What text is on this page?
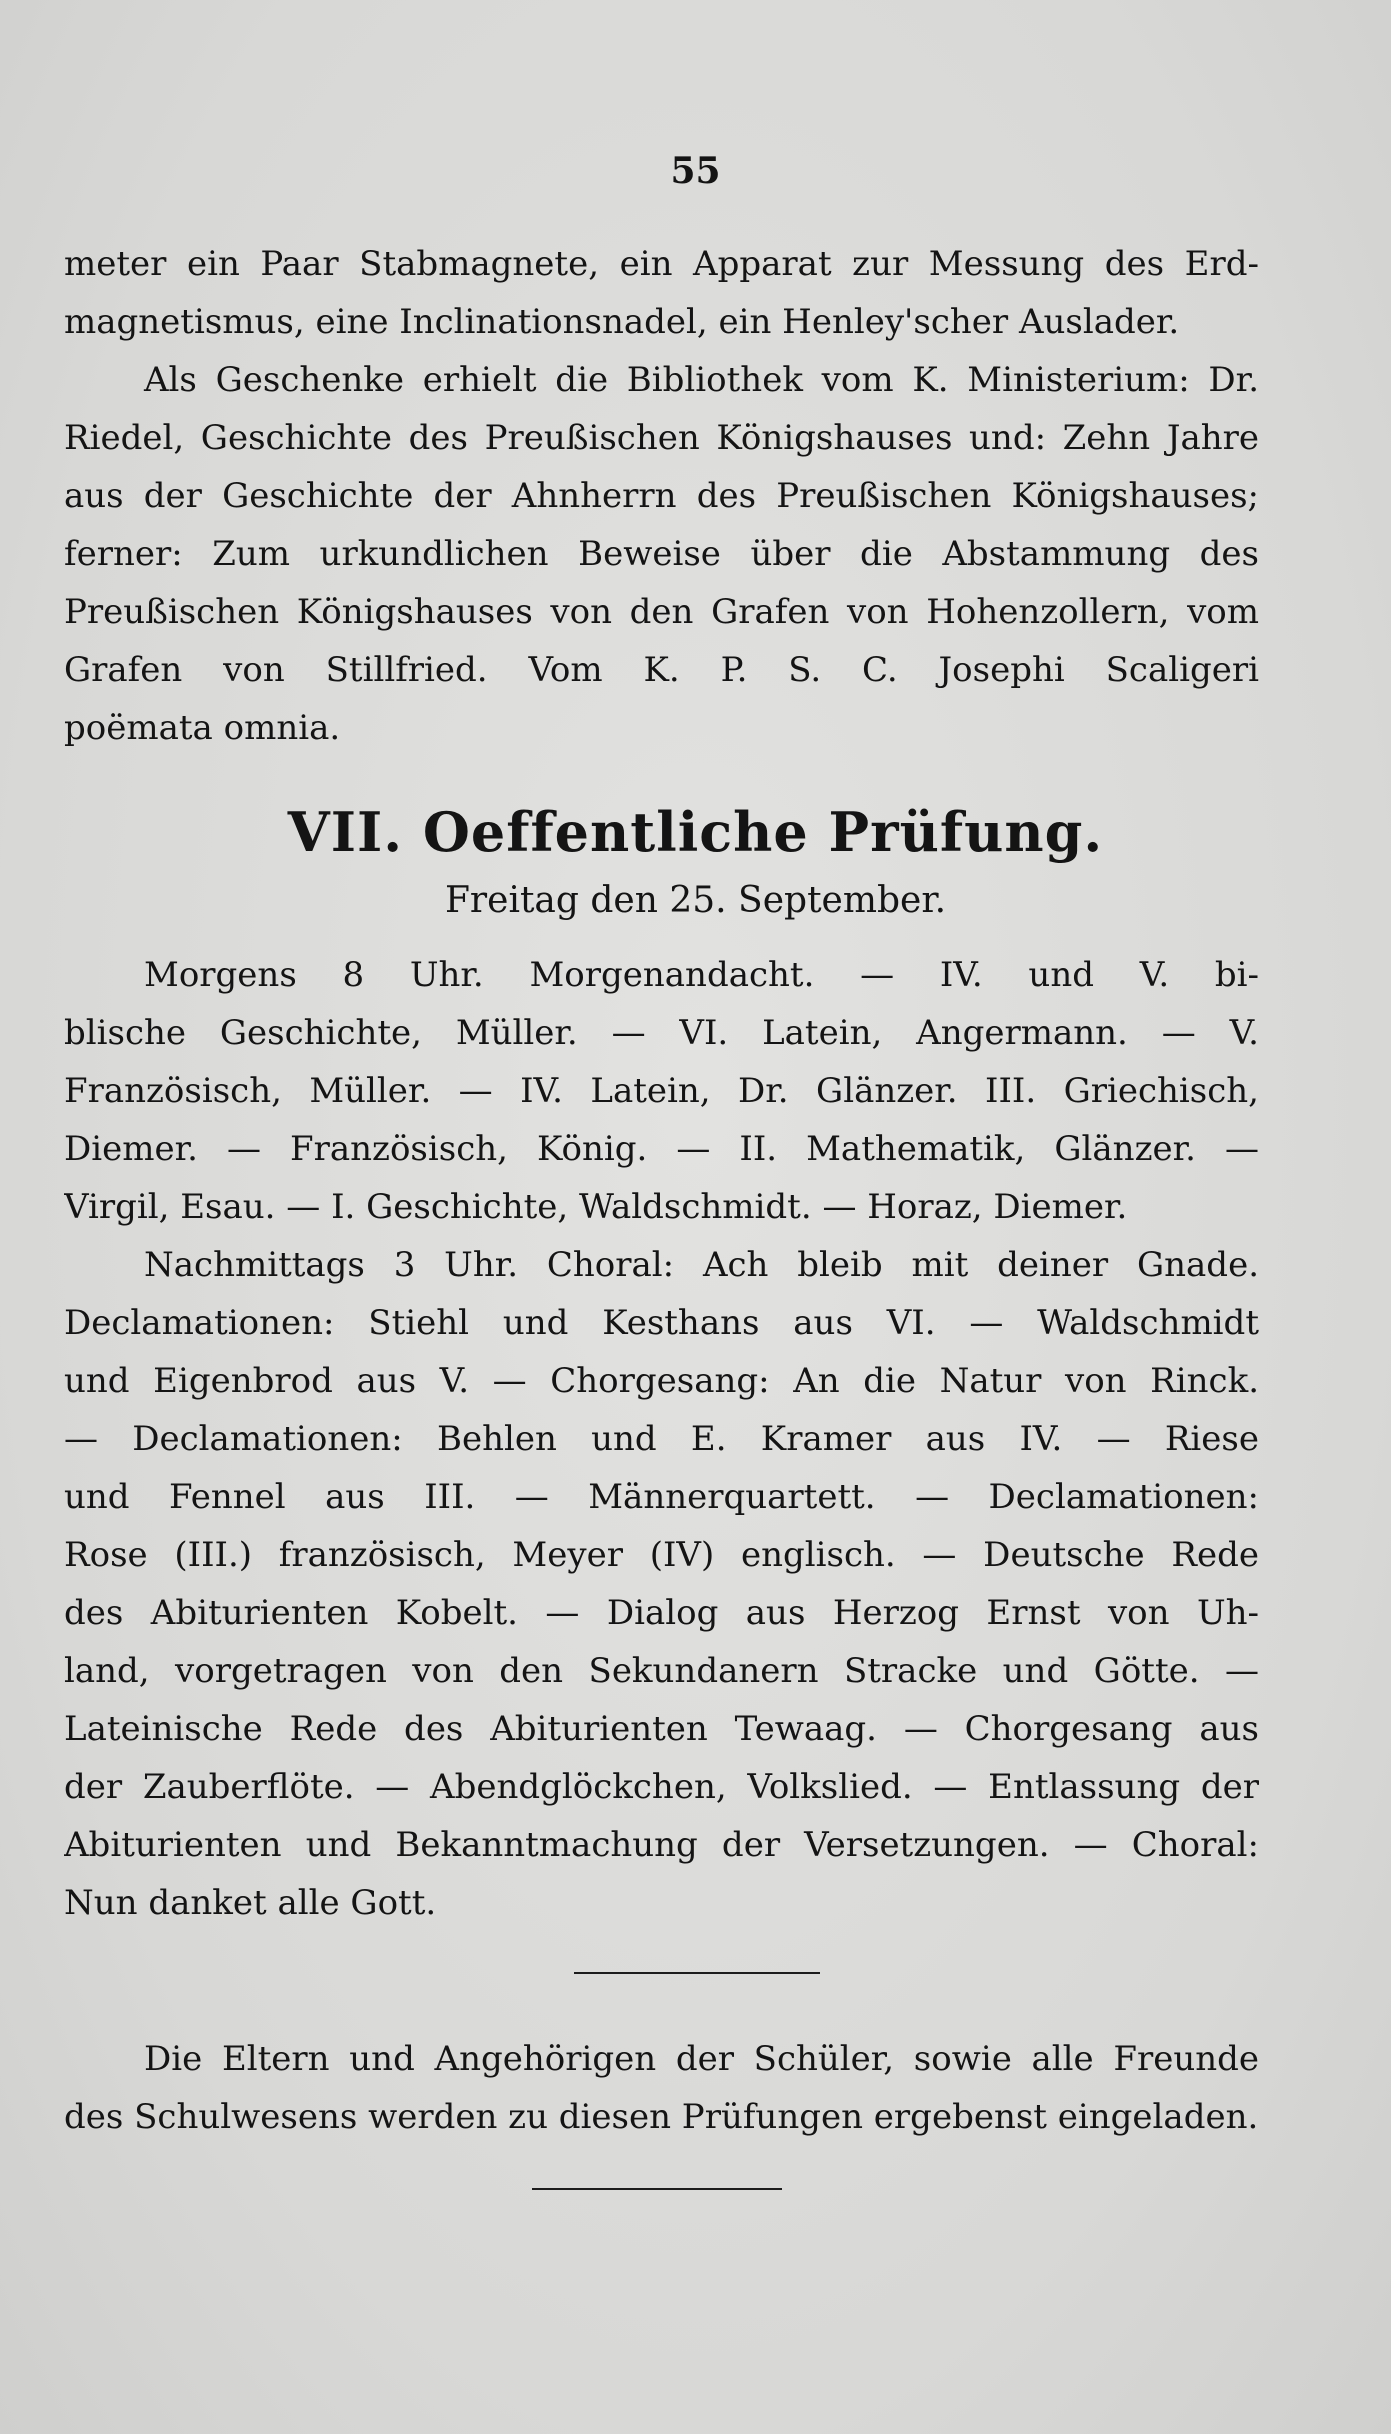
55
meter ein Paar Stabmagnete, ein Apparat zur Messung des Erd-
magnetismus, eine Inclinationsnadel, ein Henley'scher Auslader.
Als Geschenke erhielt die Bibliothek vom K. Ministerium: Dr.
Riedel, Geschichte des Preußischen Königshauses und: Zehn Jahre
aus der Geschichte der Ahnherrn des Preußischen Königshauses;
ferner: Zum urkundlichen Beweise über die Abstammung des
Preußischen Königshauses von den Grafen von Hohenzollern, vom
Grafen von Stillfried. Vom K. P. S. C. Josephi Scaligeri
poëmata omnia.
VII. Oeffentliche Prüfung.
Freitag den 25. September.
Morgens 8 Uhr. Morgenandacht. — IV. und V. bi-
blische Geschichte, Müller. — VI. Latein, Angermann. — V.
Französisch, Müller. — IV. Latein, Dr. Glänzer. III. Griechisch,
Diemer. — Französisch, König. — II. Mathematik, Glänzer. —
Virgil, Esau. — I. Geschichte, Waldschmidt. — Horaz, Diemer.
Nachmittags 3 Uhr. Choral: Ach bleib mit deiner Gnade.
Declamationen: Stiehl und Kesthans aus VI. — Waldschmidt
und Eigenbrod aus V. — Chorgesang: An die Natur von Rinck.
— Declamationen: Behlen und E. Kramer aus IV. — Riese
und Fennel aus III. — Männerquartett. — Declamationen:
Rose (III.) französisch, Meyer (IV) englisch. — Deutsche Rede
des Abiturienten Kobelt. — Dialog aus Herzog Ernst von Uh-
land, vorgetragen von den Sekundanern Stracke und Götte. —
Lateinische Rede des Abiturienten Tewaag. — Chorgesang aus
der Zauberflöte. — Abendglöckchen, Volkslied. — Entlassung der
Abiturienten und Bekanntmachung der Versetzungen. — Choral:
Nun danket alle Gott.
Die Eltern und Angehörigen der Schüler, sowie alle Freunde
des Schulwesens werden zu diesen Prüfungen ergebenst eingeladen.
